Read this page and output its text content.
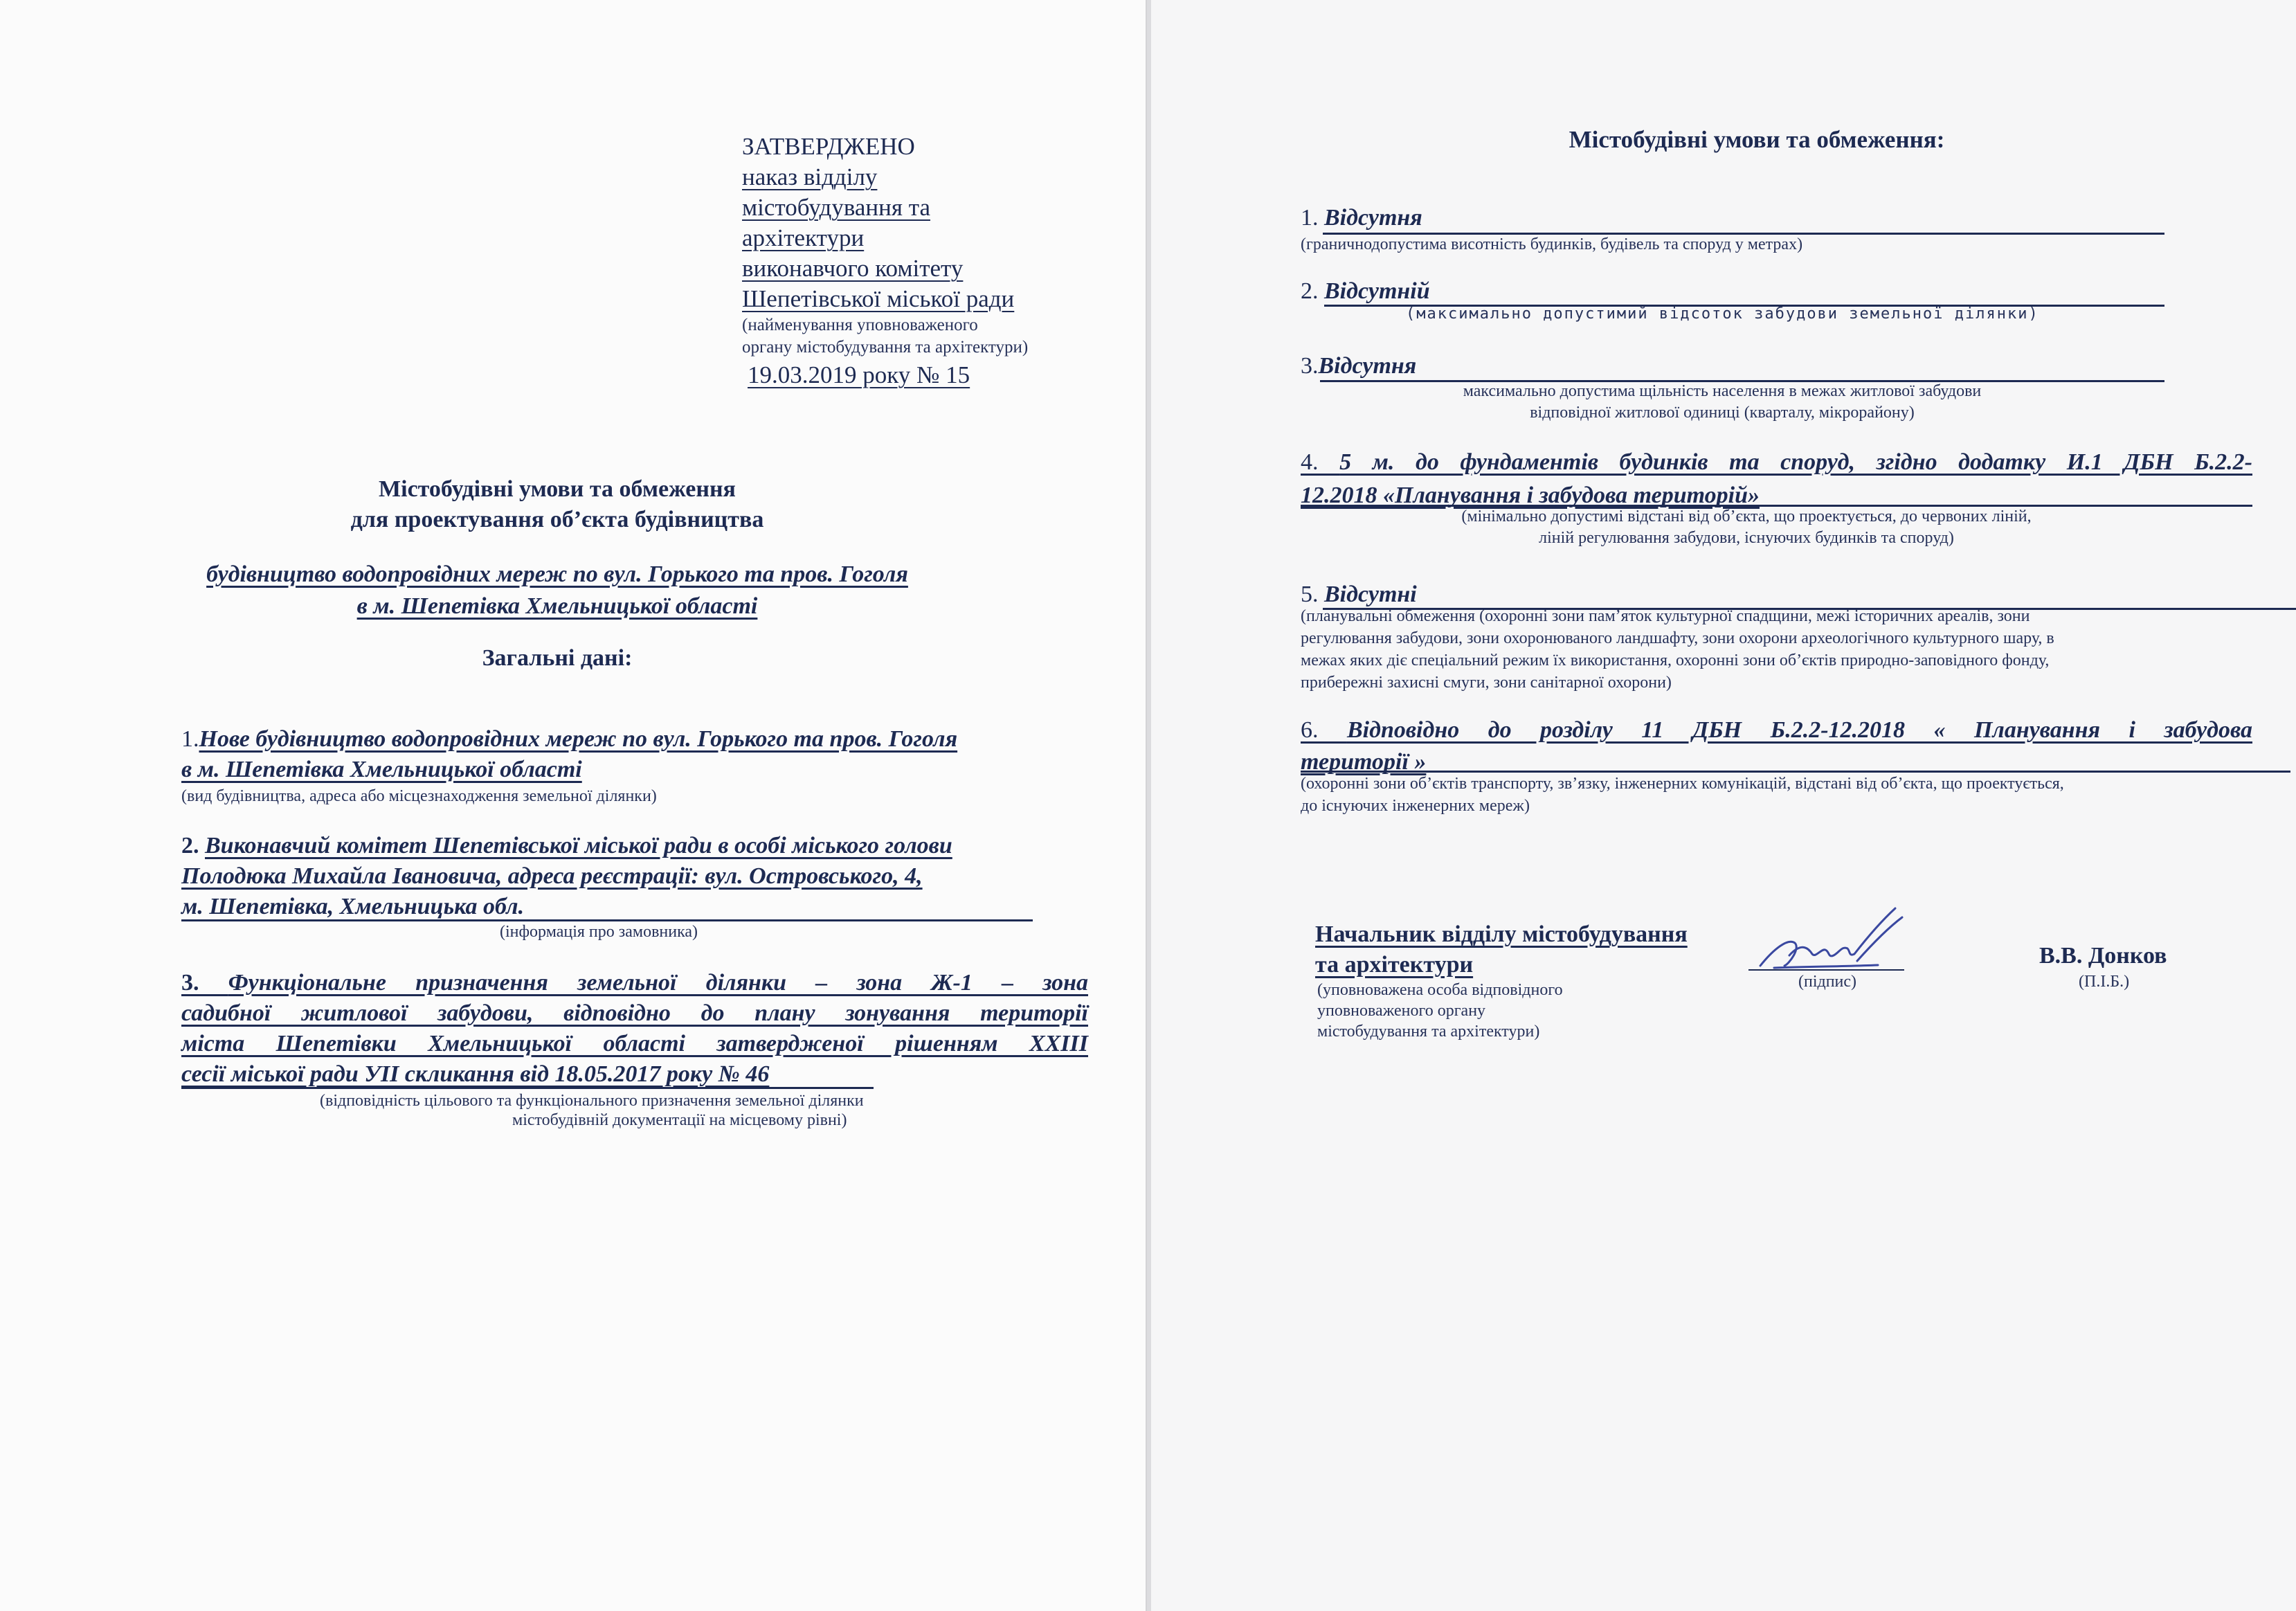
ЗАТВЕРДЖЕНО
наказ відділу
містобудування та
архітектури
виконавчого комітету
Шепетівської міської ради
(найменування уповноваженого
органу містобудування та архітектури)
19.03.2019 року № 15
Містобудівні умови та обмеження
для проектування об’єкта будівництва
будівництво водопровідних мереж по вул. Горького та пров. Гоголя
в м. Шепетівка Хмельницької області
Загальні дані:
1.Нове будівництво водопровідних мереж по вул. Горького та пров. Гоголя
в м. Шепетівка Хмельницької області
(вид будівництва, адреса або місцезнаходження земельної ділянки)
2. Виконавчий комітет Шепетівської міської ради в особі міського голови
Полодюка Михайла Івановича, адреса реєстрації: вул. Островського, 4,
м. Шепетівка, Хмельницька обл.
(інформація про замовника)
3. Функціональне призначення земельної ділянки – зона Ж-1 – зона
садибної житлової забудови, відповідно до плану зонування території
міста Шепетівки Хмельницької області затвердженої рішенням XXIII
сесії міської ради УІІ скликання від 18.05.2017 року № 46
(відповідність цільового та функціонального призначення земельної ділянки
містобудівній документації на місцевому рівні)
Містобудівні умови та обмеження:
1. Відсутня
(граничнодопустима висотність будинків, будівель та споруд у метрах)
2. Відсутній
(максимально допустимий відсоток забудови земельної ділянки)
3.Відсутня
максимально допустима щільність населення в межах житлової забудови
відповідної житлової одиниці (кварталу, мікрорайону)
4. 5 м. до фундаментів будинків та споруд, згідно додатку И.1 ДБН Б.2.2-
12.2018 «Планування і забудова територій»
(мінімально допустимі відстані від об’єкта, що проектується, до червоних ліній,
ліній регулювання забудови, існуючих будинків та споруд)
5. Відсутні
(планувальні обмеження (охоронні зони пам’яток культурної спадщини, межі історичних ареалів, зони
регулювання забудови, зони охоронюваного ландшафту, зони охорони археологічного культурного шару, в
межах яких діє спеціальний режим їх використання, охоронні зони об’єктів природно-заповідного фонду,
прибережні захисні смуги, зони санітарної охорони)
6. Відповідно до розділу 11 ДБН Б.2.2-12.2018 « Планування і забудова
території »
(охоронні зони об’єктів транспорту, зв’язку, інженерних комунікацій, відстані від об’єкта, що проектується,
до існуючих інженерних мереж)
Начальник відділу містобудування
та архітектури
(уповноважена особа відповідного
уповноваженого органу
містобудування та архітектури)
(підпис)
В.В. Донков
(П.І.Б.)
